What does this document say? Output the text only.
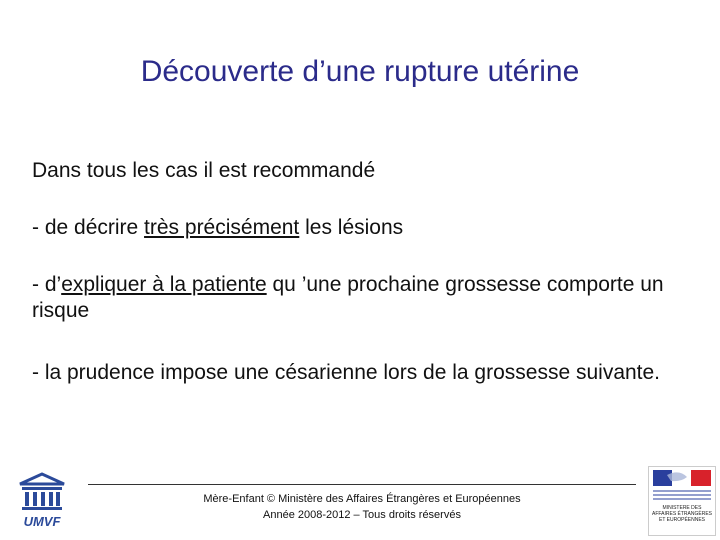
Découverte d’une rupture utérine
Dans tous les cas il est recommandé
- de décrire très précisément les lésions
- d’expliquer à la patiente qu ’une prochaine grossesse comporte un risque
- la prudence impose une césarienne lors de la grossesse suivante.
UMVF
Mère-Enfant © Ministère des Affaires Étrangères et Européennes
Année 2008-2012 – Tous droits réservés
MINISTÈRE DES AFFAIRES ÉTRANGÈRES ET EUROPÉENNES
